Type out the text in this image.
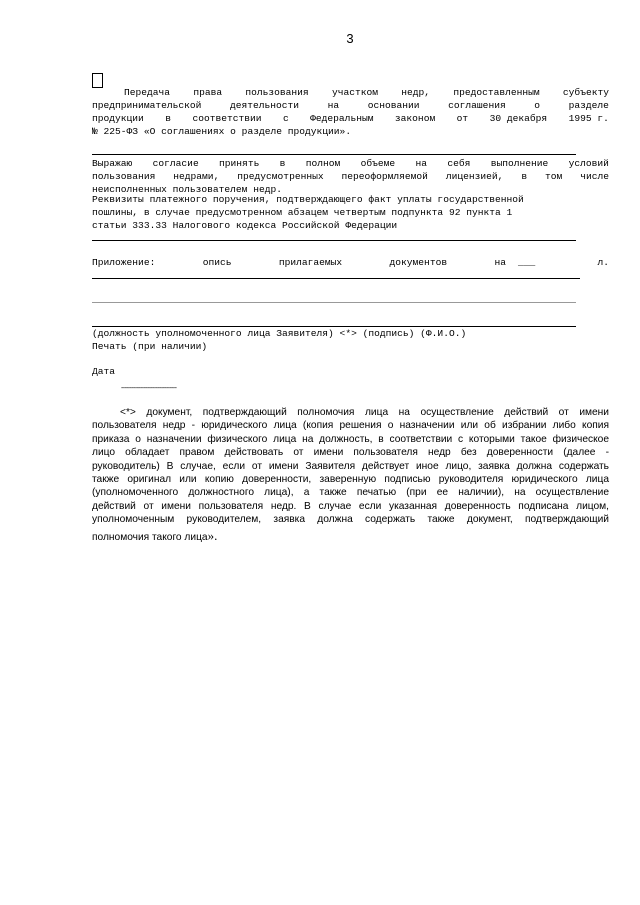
3
Передача права пользования участком недр, предоставленным субъекту
предпринимательской	деятельности	на	основании	соглашения	о	разделе
продукции в соответствии с Федеральным законом от 30 декабря 1995 г.
№ 225-ФЗ «О соглашениях о разделе продукции».
Выражаю согласие принять в полном объеме на себя выполнение условий
пользования недрами, предусмотренных переоформляемой лицензией, в том числе
неисполненных пользователем недр.
Реквизиты платежного поручения, подтверждающего факт уплаты государственной
пошлины, в случае предусмотренном абзацем четвертым подпункта 92 пункта 1
статьи 333.33 Налогового кодекса Российской Федерации
Приложение:	опись	прилагаемых	документов	на ___	л.
(должность уполномоченного лица Заявителя) <*> (подпись) (Ф.И.О.)
Печать (при наличии)
Дата
--------------------------------
<*> документ, подтверждающий полномочия лица на осуществление действий от имени
пользователя недр - юридического лица (копия решения о назначении или об избрании либо копия
приказа о назначении физического лица на должность, в соответствии с которыми такое физическое
лицо обладает правом действовать от имени пользователя недр без доверенности (далее -
руководитель) В случае, если от имени Заявителя действует иное лицо, заявка должна содержать
также оригинал или копию доверенности, заверенную подписью руководителя юридического лица
(уполномоченного должностного лица), а также печатью (при ее наличии), на осуществление
действий от имени пользователя недр. В случае если указанная доверенность подписана лицом,
уполномоченным руководителем, заявка должна содержать также документ, подтверждающий
полномочия такого лица».
